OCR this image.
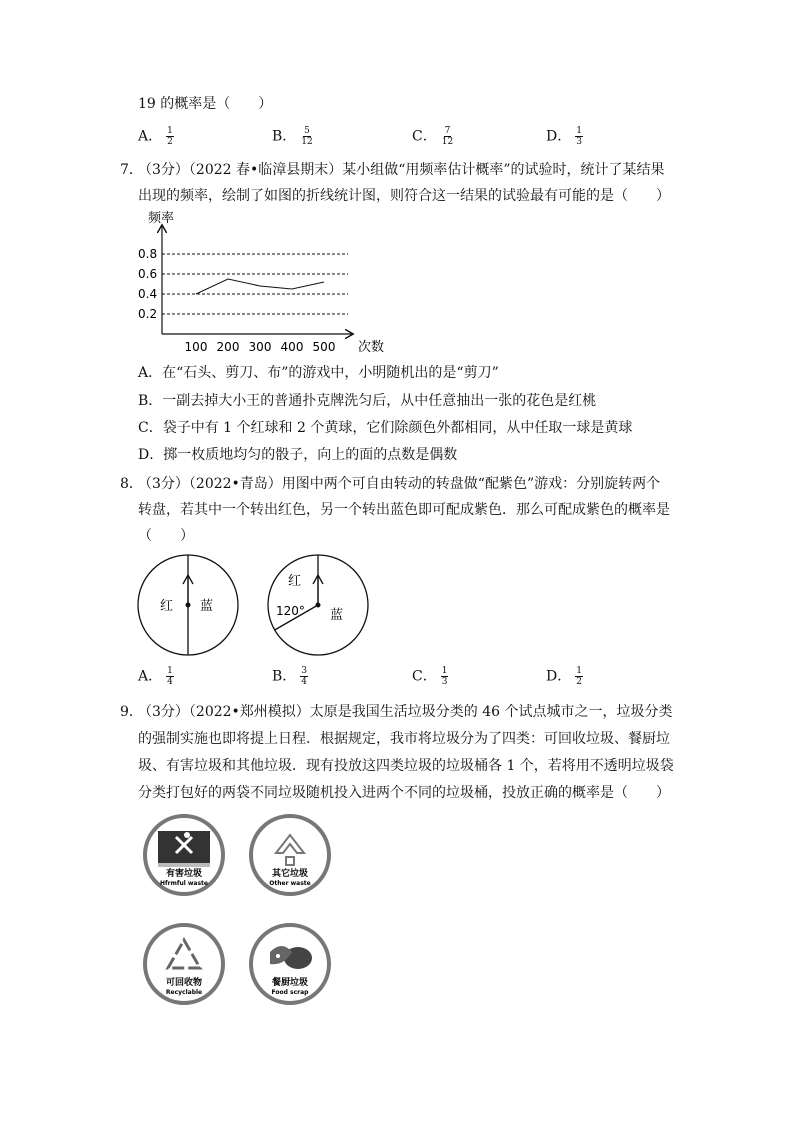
19 的概率是（　　）
A． $\frac{1}{2}$	B． $\frac{5}{12}$	C． $\frac{7}{12}$	D． $\frac{1}{3}$
7．
（3分）（2022 春•临漳县期末）某小组做“用频率估计概率”的试验时，统计了某结果
出现的频率，绘制了如图的折线统计图，则符合这一结果的试验最有可能的是（　　）
频率
次数
0.2
0.4
0.6
0.8
100 200 300 400 500
A．在“石头、剪刀、布”的游戏中，小明随机出的是“剪刀”
B．一副去掉大小王的普通扑克牌洗匀后，从中任意抽出一张的花色是红桃
C．袋子中有 1 个红球和 2 个黄球，它们除颜色外都相同，从中任取一球是黄球
D．掷一枚质地均匀的骰子，向上的面的点数是偶数
8．
（3分）（2022•青岛）用图中两个可自由转动的转盘做“配紫色”游戏：分别旋转两个
转盘，若其中一个转出红色，另一个转出蓝色即可配成紫色．那么可配成紫色的概率是
（　　）
红 蓝
红
120° 蓝
A． $\frac{1}{4}$	B． $\frac{3}{4}$	C． $\frac{1}{3}$	D． $\frac{1}{2}$
9．
（3分）（2022•郑州模拟）太原是我国生活垃圾分类的 46 个试点城市之一，垃圾分类
的强制实施也即将提上日程．根据规定，我市将垃圾分为了四类：可回收垃圾、餐厨垃
圾、有害垃圾和其他垃圾．现有投放这四类垃圾的垃圾桶各 1 个，若将用不透明垃圾袋
分类打包好的两袋不同垃圾随机投入进两个不同的垃圾桶，投放正确的概率是（　　）
有害垃圾
Hfrmful waste
其它垃圾
Other waste
可回收物
Recyclable
餐厨垃圾
Food scrap
